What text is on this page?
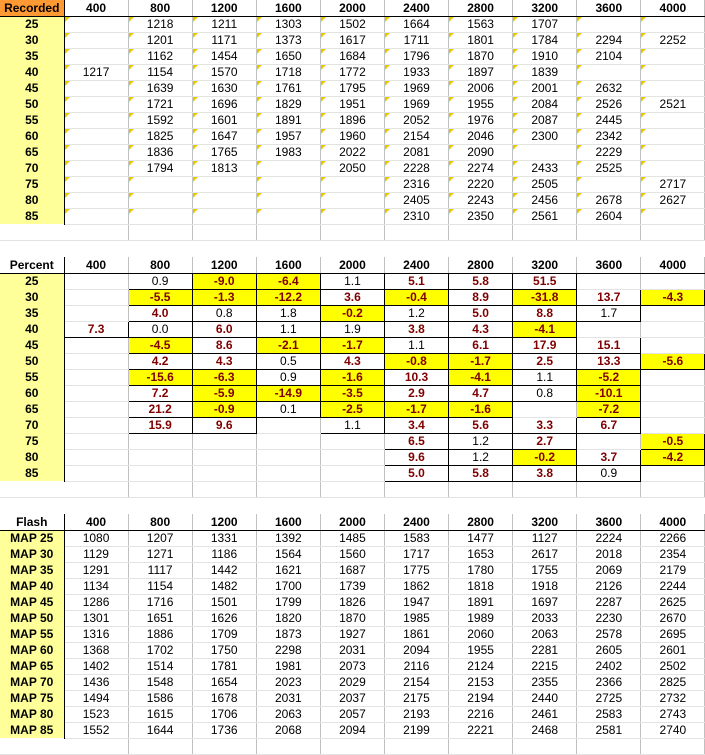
Recorded	400	800	1200	1600	2000	2400	2800	3200	3600	4000
25		1218	1211	1303	1502	1664	1563	1707		
30		1201	1171	1373	1617	1711	1801	1784	2294	2252
35		1162	1454	1650	1684	1796	1870	1910	2104	
40	1217	1154	1570	1718	1772	1933	1897	1839		
45		1639	1630	1761	1795	1969	2006	2001	2632	
50		1721	1696	1829	1951	1969	1955	2084	2526	2521
55		1592	1601	1891	1896	2052	1976	2087	2445	
60		1825	1647	1957	1960	2154	2046	2300	2342	
65		1836	1765	1983	2022	2081	2090		2229	
70		1794	1813		2050	2228	2274	2433	2525	
75						2316	2220	2505		2717
80						2405	2243	2456	2678	2627
85						2310	2350	2561	2604	

Percent	400	800	1200	1600	2000	2400	2800	3200	3600	4000
25		0.9	-9.0	-6.4	1.1	5.1	5.8	51.5		
30		-5.5	-1.3	-12.2	3.6	-0.4	8.9	-31.8	13.7	-4.3
35		4.0	0.8	1.8	-0.2	1.2	5.0	8.8	1.7	
40	7.3	0.0	6.0	1.1	1.9	3.8	4.3	-4.1		
45		-4.5	8.6	-2.1	-1.7	1.1	6.1	17.9	15.1	
50		4.2	4.3	0.5	4.3	-0.8	-1.7	2.5	13.3	-5.6
55		-15.6	-6.3	0.9	-1.6	10.3	-4.1	1.1	-5.2	
60		7.2	-5.9	-14.9	-3.5	2.9	4.7	0.8	-10.1	
65		21.2	-0.9	0.1	-2.5	-1.7	-1.6		-7.2	
70		15.9	9.6		1.1	3.4	5.6	3.3	6.7	
75						6.5	1.2	2.7		-0.5
80						9.6	1.2	-0.2	3.7	-4.2
85						5.0	5.8	3.8	0.9	

Flash	400	800	1200	1600	2000	2400	2800	3200	3600	4000
MAP 25	1080	1207	1331	1392	1485	1583	1477	1127	2224	2266
MAP 30	1129	1271	1186	1564	1560	1717	1653	2617	2018	2354
MAP 35	1291	1117	1442	1621	1687	1775	1780	1755	2069	2179
MAP 40	1134	1154	1482	1700	1739	1862	1818	1918	2126	2244
MAP 45	1286	1716	1501	1799	1826	1947	1891	1697	2287	2625
MAP 50	1301	1651	1626	1820	1870	1985	1989	2033	2230	2670
MAP 55	1316	1886	1709	1873	1927	1861	2060	2063	2578	2695
MAP 60	1368	1702	1750	2298	2031	2094	1955	2281	2605	2601
MAP 65	1402	1514	1781	1981	2073	2116	2124	2215	2402	2502
MAP 70	1436	1548	1654	2023	2029	2154	2153	2355	2366	2825
MAP 75	1494	1586	1678	2031	2037	2175	2194	2440	2725	2732
MAP 80	1523	1615	1706	2063	2057	2193	2216	2461	2583	2743
MAP 85	1552	1644	1736	2068	2094	2199	2221	2468	2581	2740
